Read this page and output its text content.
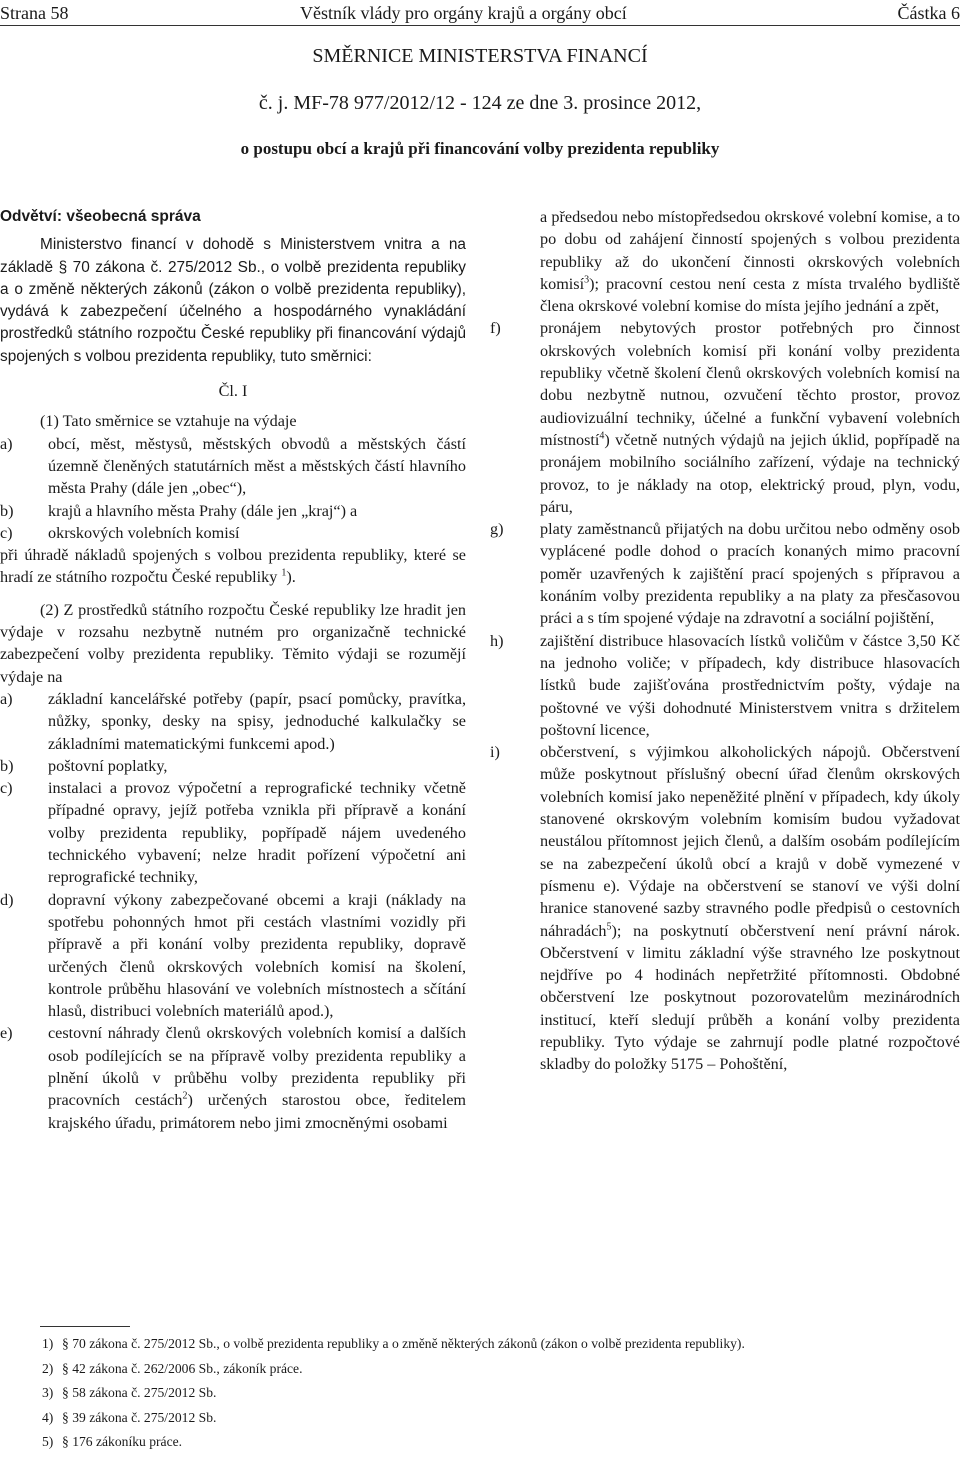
Strana 58	Věstník vlády pro orgány krajů a orgány obcí	Částka 6
SMĚRNICE MINISTERSTVA FINANCÍ
č. j. MF-78 977/2012/12 - 124 ze dne 3. prosince 2012,
o postupu obcí a krajů při financování volby prezidenta republiky

Odvětví: všeobecná správa

Ministerstvo financí v dohodě s Ministerstvem vnitra a na základě § 70 zákona č. 275/2012 Sb., o volbě prezidenta republiky a o změně některých zákonů (zákon o volbě prezidenta republiky), vydává k zabezpečení účelného a hospodárného vynakládání prostředků státního rozpočtu České republiky při financování výdajů spojených s volbou prezidenta republiky, tuto směrnici:

Čl. I

(1) Tato směrnice se vztahuje na výdaje

a) obcí, měst, městysů, městských obvodů a městských částí územně členěných statutárních měst a městských částí hlavního města Prahy (dále jen „obec“),
b) krajů a hlavního města Prahy (dále jen „kraj“) a
c) okrskových volebních komisí

při úhradě nákladů spojených s volbou prezidenta republiky, které se hradí ze státního rozpočtu České republiky $^1$).

(2) Z prostředků státního rozpočtu České republiky lze hradit jen výdaje v rozsahu nezbytně nutném pro organizačně technické zabezpečení volby prezidenta republiky. Těmito výdaji se rozumějí výdaje na

a) základní kancelářské potřeby (papír, psací pomůcky, pravítka, nůžky, sponky, desky na spisy, jednoduché kalkulačky se základními matematickými funkcemi apod.)
b) poštovní poplatky,
c) instalaci a provoz výpočetní a reprografické techniky včetně případné opravy, jejíž potřeba vznikla při přípravě a konání volby prezidenta republiky, popřípadě nájem uvedeného technického vybavení; nelze hradit pořízení výpočetní ani reprografické techniky,
d) dopravní výkony zabezpečované obcemi a kraji (náklady na spotřebu pohonných hmot při cestách vlastními vozidly při přípravě a při konání volby prezidenta republiky, dopravě určených členů okrskových volebních komisí na školení, kontrole průběhu hlasování ve volebních místnostech a sčítání hlasů, distribuci volebních materiálů apod.),
e) cestovní náhrady členů okrskových volebních komisí a dalších osob podílejících se na přípravě volby prezidenta republiky a plnění úkolů v průběhu volby prezidenta republiky při pracovních cestách$^2$) určených starostou obce, ředitelem krajského úřadu, primátorem nebo jimi zmocněnými osobami

a předsedou nebo místopředsedou okrskové volební komise, a to po dobu od zahájení činností spojených s volbou prezidenta republiky až do ukončení činnosti okrskových volebních komisí$^3$); pracovní cestou není cesta z místa trvalého bydliště člena okrskové volební komise do místa jejího jednání a zpět,

f) pronájem nebytových prostor potřebných pro činnost okrskových volebních komisí při konání volby prezidenta republiky včetně školení členů okrskových volebních komisí na dobu nezbytně nutnou, ozvučení těchto prostor, provoz audiovizuální techniky, účelné a funkční vybavení volebních místností$^4$) včetně nutných výdajů na jejich úklid, popřípadě na pronájem mobilního sociálního zařízení, výdaje na technický provoz, to je náklady na otop, elektrický proud, plyn, vodu, páru,
g) platy zaměstnanců přijatých na dobu určitou nebo odměny osob vyplácené podle dohod o pracích konaných mimo pracovní poměr uzavřených k zajištění prací spojených s přípravou a konáním volby prezidenta republiky a na platy za přesčasovou práci a s tím spojené výdaje na zdravotní a sociální pojištění,
h) zajištění distribuce hlasovacích lístků voličům v částce 3,50 Kč na jednoho voliče; v případech, kdy distribuce hlasovacích lístků bude zajišťována prostřednictvím pošty, výdaje na poštovné ve výši dohodnuté Ministerstvem vnitra s držitelem poštovní licence,
i) občerstvení, s výjimkou alkoholických nápojů. Občerstvení může poskytnout příslušný obecní úřad členům okrskových volebních komisí jako nepeněžité plnění v případech, kdy úkoly stanovené okrskovým volebním komisím budou vyžadovat neustálou přítomnost jejich členů, a dalším osobám podílejícím se na zabezpečení úkolů obcí a krajů v době vymezené v písmenu e). Výdaje na občerstvení se stanoví ve výši dolní hranice stanovené sazby stravného podle předpisů o cestovních náhradách$^5$); na poskytnutí občerstvení není právní nárok. Občerstvení v limitu základní výše stravného lze poskytnout nejdříve po 4 hodinách nepřetržité přítomnosti. Obdobné občerstvení lze poskytnout pozorovatelům mezinárodních institucí, kteří sledují průběh a konání volby prezidenta republiky. Tyto výdaje se zahrnují podle platné rozpočtové skladby do položky 5175 – Pohoštění,
1) § 70 zákona č. 275/2012 Sb., o volbě prezidenta republiky a o změně některých zákonů (zákon o volbě prezidenta republiky).
2) § 42 zákona č. 262/2006 Sb., zákoník práce.
3) § 58 zákona č. 275/2012 Sb.
4) § 39 zákona č. 275/2012 Sb.
5) § 176 zákoníku práce.
